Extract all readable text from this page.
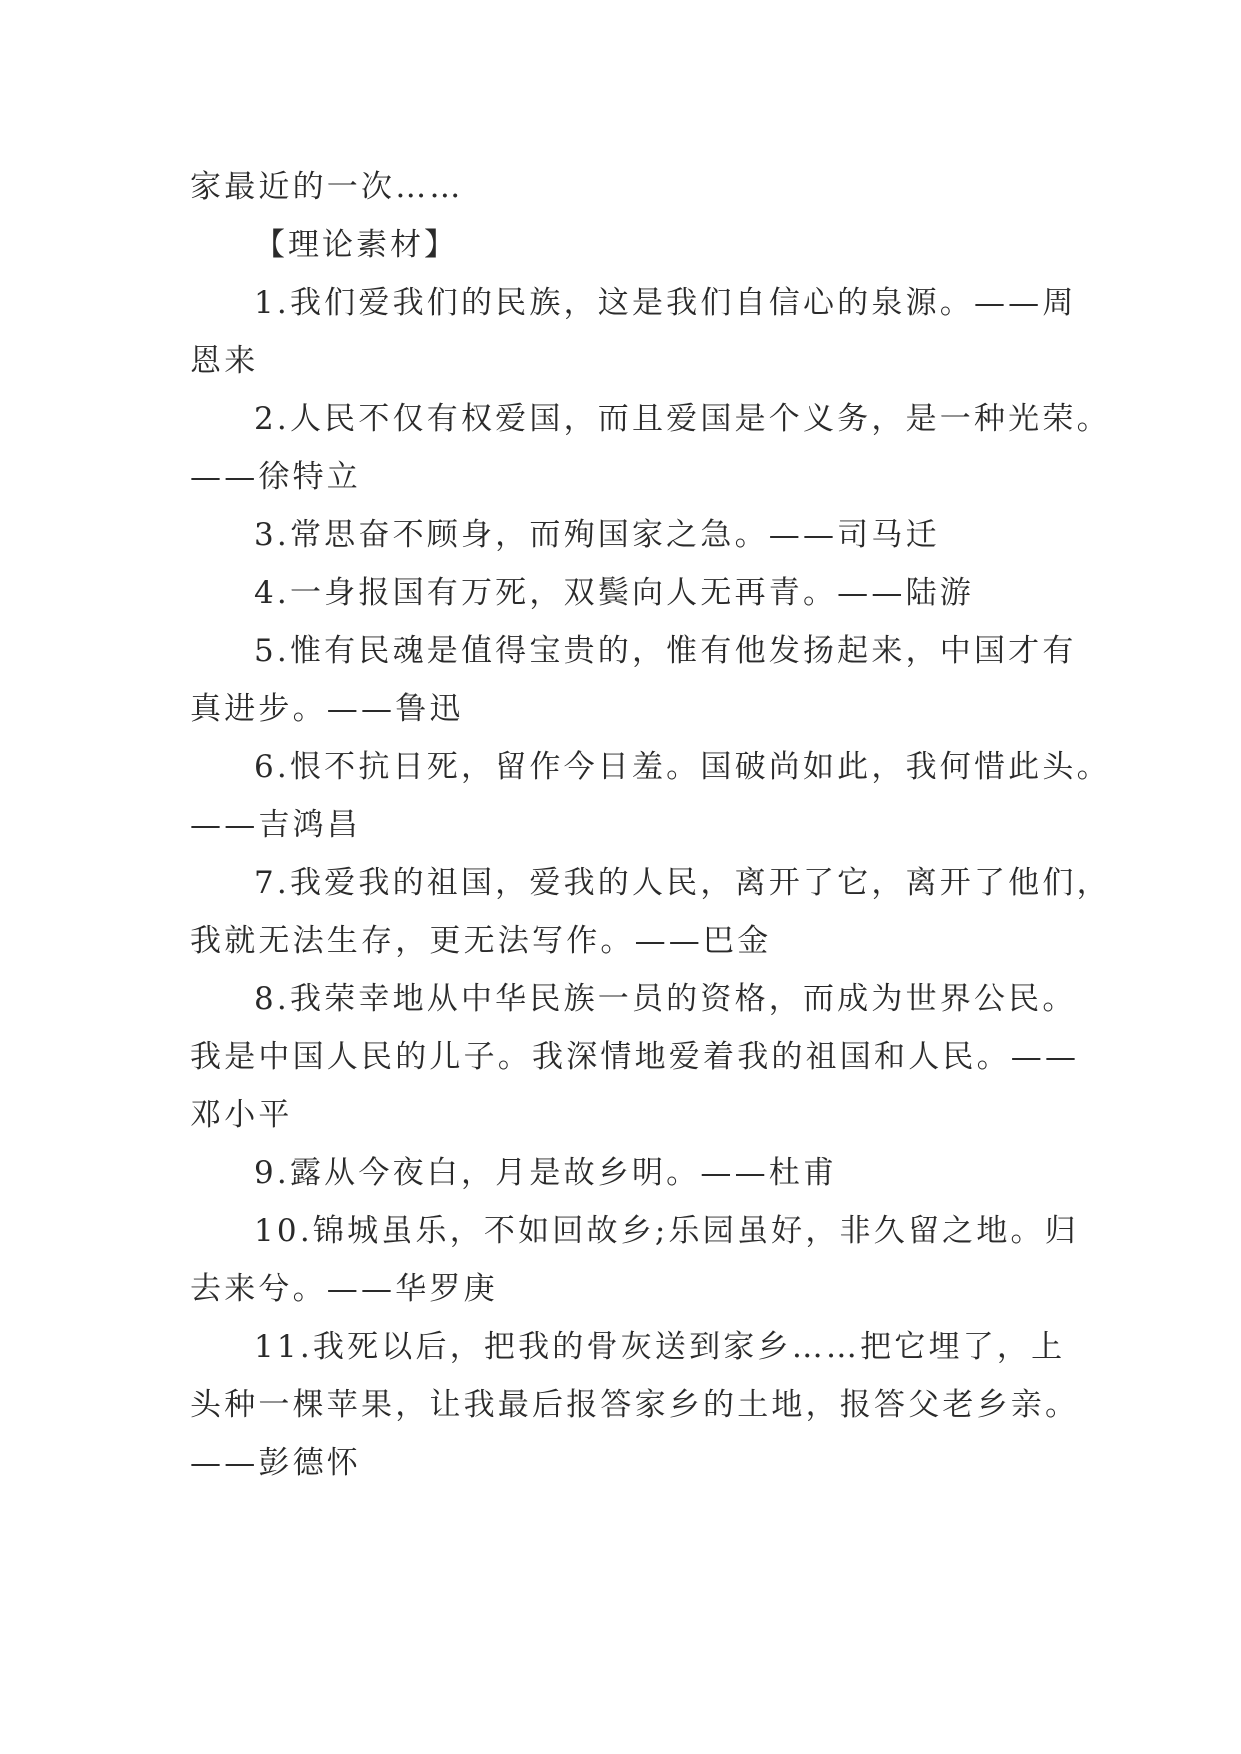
家最近的一次……
【理论素材】
1.我们爱我们的民族，这是我们自信心的泉源。——周
恩来
2.人民不仅有权爱国，而且爱国是个义务，是一种光荣。
——徐特立
3.常思奋不顾身，而殉国家之急。——司马迁
4.一身报国有万死，双鬓向人无再青。——陆游
5.惟有民魂是值得宝贵的，惟有他发扬起来，中国才有
真进步。——鲁迅
6.恨不抗日死，留作今日羞。国破尚如此，我何惜此头。
——吉鸿昌
7.我爱我的祖国，爱我的人民，离开了它，离开了他们，
我就无法生存，更无法写作。——巴金
8.我荣幸地从中华民族一员的资格，而成为世界公民。
我是中国人民的儿子。我深情地爱着我的祖国和人民。——
邓小平
9.露从今夜白，月是故乡明。——杜甫
10.锦城虽乐，不如回故乡;乐园虽好，非久留之地。归
去来兮。——华罗庚
11.我死以后，把我的骨灰送到家乡……把它埋了，上
头种一棵苹果，让我最后报答家乡的土地，报答父老乡亲。
——彭德怀
